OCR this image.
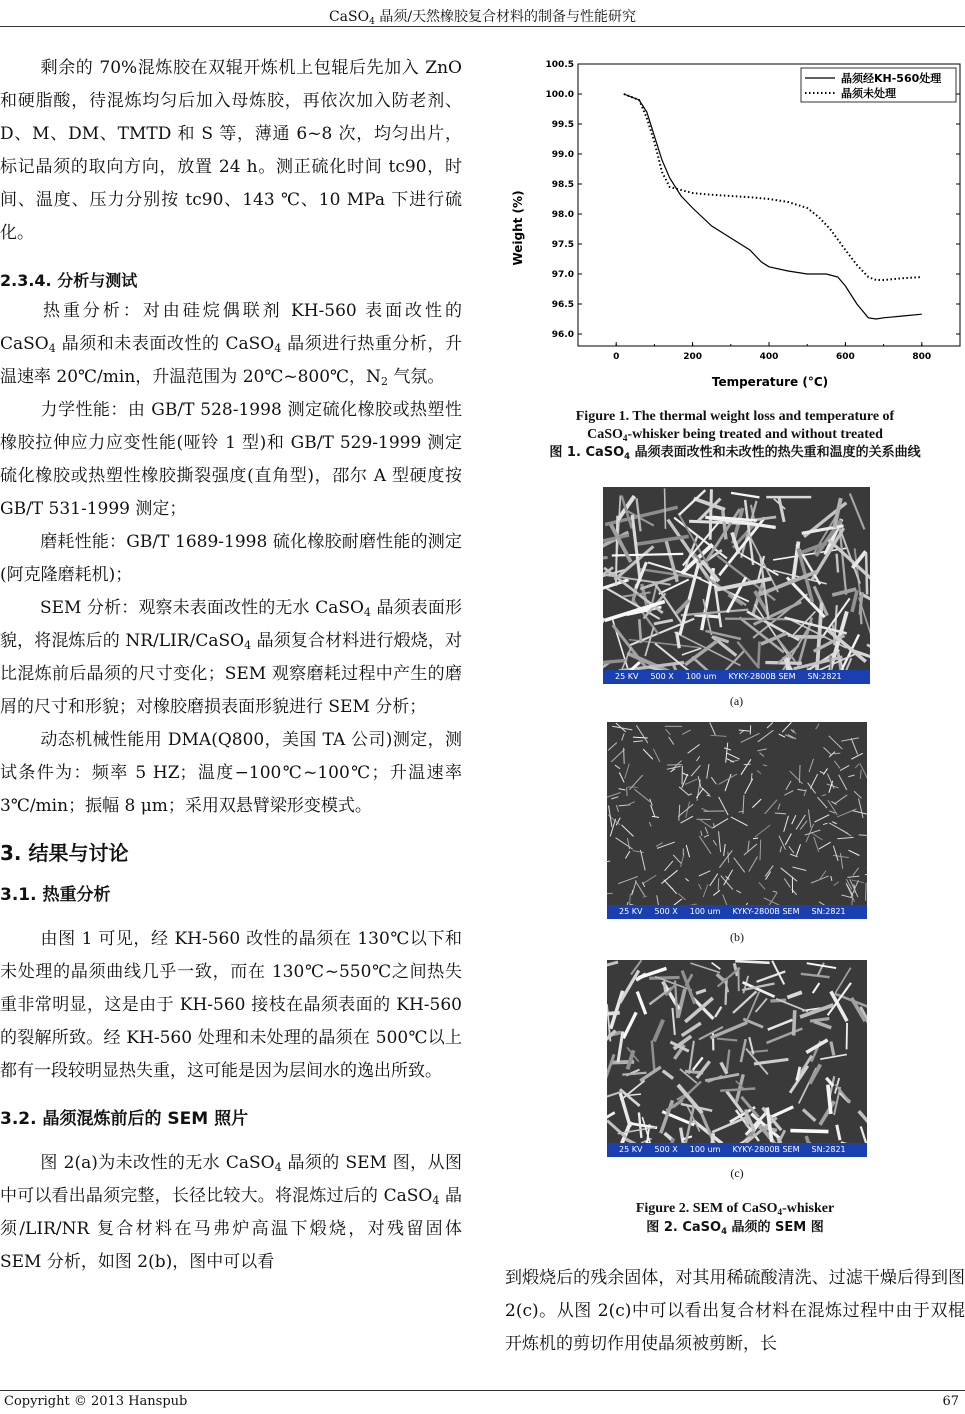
CaSO$_4$ 晶须/天然橡胶复合材料的制备与性能研究

剩余的 70%混炼胶在双辊开炼机上包辊后先加入 ZnO 和硬脂酸，待混炼均匀后加入母炼胶，再依次加入防老剂、D、M、DM、TMTD 和 S 等，薄通 6~8 次，均匀出片，标记晶须的取向方向，放置 24 h。测正硫化时间 tc90，时间、温度、压力分别按 tc90、143 ℃、10 MPa 下进行硫化。

2.3.4. 分析与测试

热重分析：对由硅烷偶联剂 KH-560 表面改性的 CaSO$_4$ 晶须和未表面改性的 CaSO$_4$ 晶须进行热重分析，升温速率 20℃/min，升温范围为 20℃~800℃，$N_2$ 气氛。

力学性能：由 GB/T 528-1998 测定硫化橡胶或热塑性橡胶拉伸应力应变性能(哑铃 1 型)和 GB/T 529-1999 测定硫化橡胶或热塑性橡胶撕裂强度(直角型)，邵尔 A 型硬度按 GB/T 531-1999 测定；

磨耗性能：GB/T 1689-1998 硫化橡胶耐磨性能的测定(阿克隆磨耗机)；

SEM 分析：观察未表面改性的无水 CaSO$_4$ 晶须表面形貌，将混炼后的 NR/LIR/CaSO$_4$ 晶须复合材料进行煅烧，对比混炼前后晶须的尺寸变化；SEM 观察磨耗过程中产生的磨屑的尺寸和形貌；对橡胶磨损表面形貌进行 SEM 分析；

动态机械性能用 DMA(Q800，美国 TA 公司)测定，测试条件为：频率 5 HZ；温度−100℃~100℃；升温速率 3℃/min；振幅 8 μm；采用双悬臂梁形变模式。

3. 结果与讨论

3.1. 热重分析

由图 1 可见，经 KH-560 改性的晶须在 130℃以下和未处理的晶须曲线几乎一致，而在 130℃~550℃之间热失重非常明显，这是由于 KH-560 接枝在晶须表面的 KH-560 的裂解所致。经 KH-560 处理和未处理的晶须在 500℃以上都有一段较明显热失重，这可能是因为层间水的逸出所致。

3.2. 晶须混炼前后的 SEM 照片

图 2(a)为未改性的无水 CaSO$_4$ 晶须的 SEM 图，从图中可以看出晶须完整，长径比较大。将混炼过后的 CaSO$_4$ 晶须/LIR/NR 复合材料在马弗炉高温下煅烧，对残留固体 SEM 分析，如图 2(b)，图中可以看

96.0
96.5
97.0
97.5
98.0
98.5
99.0
99.5
100.0
100.5
0	200	400	600	800
晶须经KH-560处理
晶须未处理
Temperature (°C)
Weight (%)
Figure 1. The thermal weight loss and temperature of
CaSO$_4$-whisker being treated and without treated
图 1. CaSO$_4$ 晶须表面改性和未改性的热失重和温度的关系曲线
25 KV 500 X 100 um KYKY-2800B SEM SN:2821
(a)
25 KV 500 X 100 um KYKY-2800B SEM SN:2821
(b)
25 KV 500 X 100 um KYKY-2800B SEM SN:2821
(c)
Figure 2. SEM of CaSO$_4$-whisker
图 2. CaSO$_4$ 晶须的 SEM 图

到煅烧后的残余固体，对其用稀硫酸清洗、过滤干燥后得到图 2(c)。从图 2(c)中可以看出复合材料在混炼过程中由于双棍开炼机的剪切作用使晶须被剪断，长

Copyright © 2013 Hanspub	67
